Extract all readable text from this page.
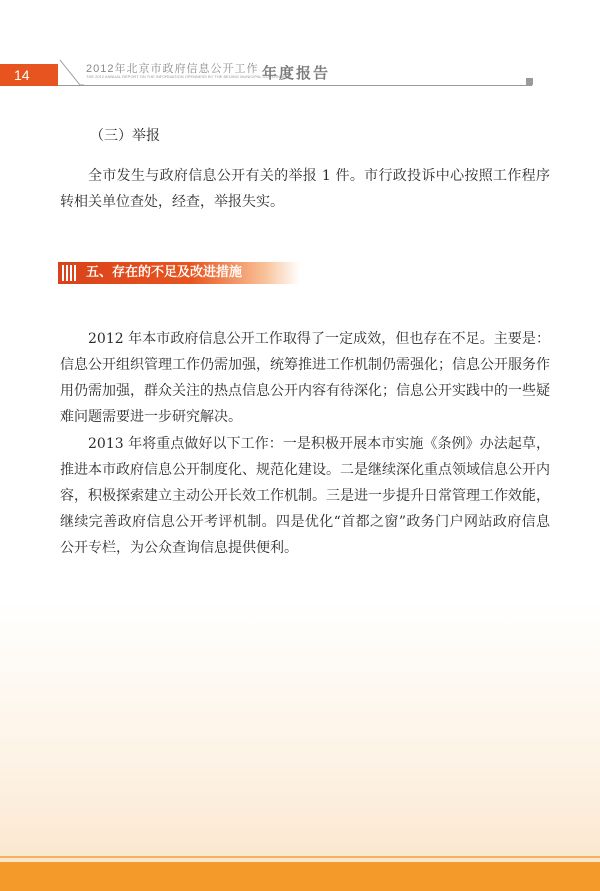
14	2012年北京市政府信息公开工作
THE 2012 ANNUAL REPORT ON THE INFORMATION OPENNESS BY THE BEIJING MUNICIPAL GOVERNMENT
年度报告
（三）举报
全市发生与政府信息公开有关的举报 1 件。市行政投诉中心按照工作程序转相关单位查处，经查，举报失实。
五、存在的不足及改进措施
2012 年本市政府信息公开工作取得了一定成效，但也存在不足。主要是：信息公开组织管理工作仍需加强，统筹推进工作机制仍需强化；信息公开服务作用仍需加强，群众关注的热点信息公开内容有待深化；信息公开实践中的一些疑难问题需要进一步研究解决。
2013 年将重点做好以下工作：一是积极开展本市实施《条例》办法起草，推进本市政府信息公开制度化、规范化建设。二是继续深化重点领域信息公开内容，积极探索建立主动公开长效工作机制。三是进一步提升日常管理工作效能，继续完善政府信息公开考评机制。四是优化“首都之窗”政务门户网站政府信息公开专栏，为公众查询信息提供便利。
